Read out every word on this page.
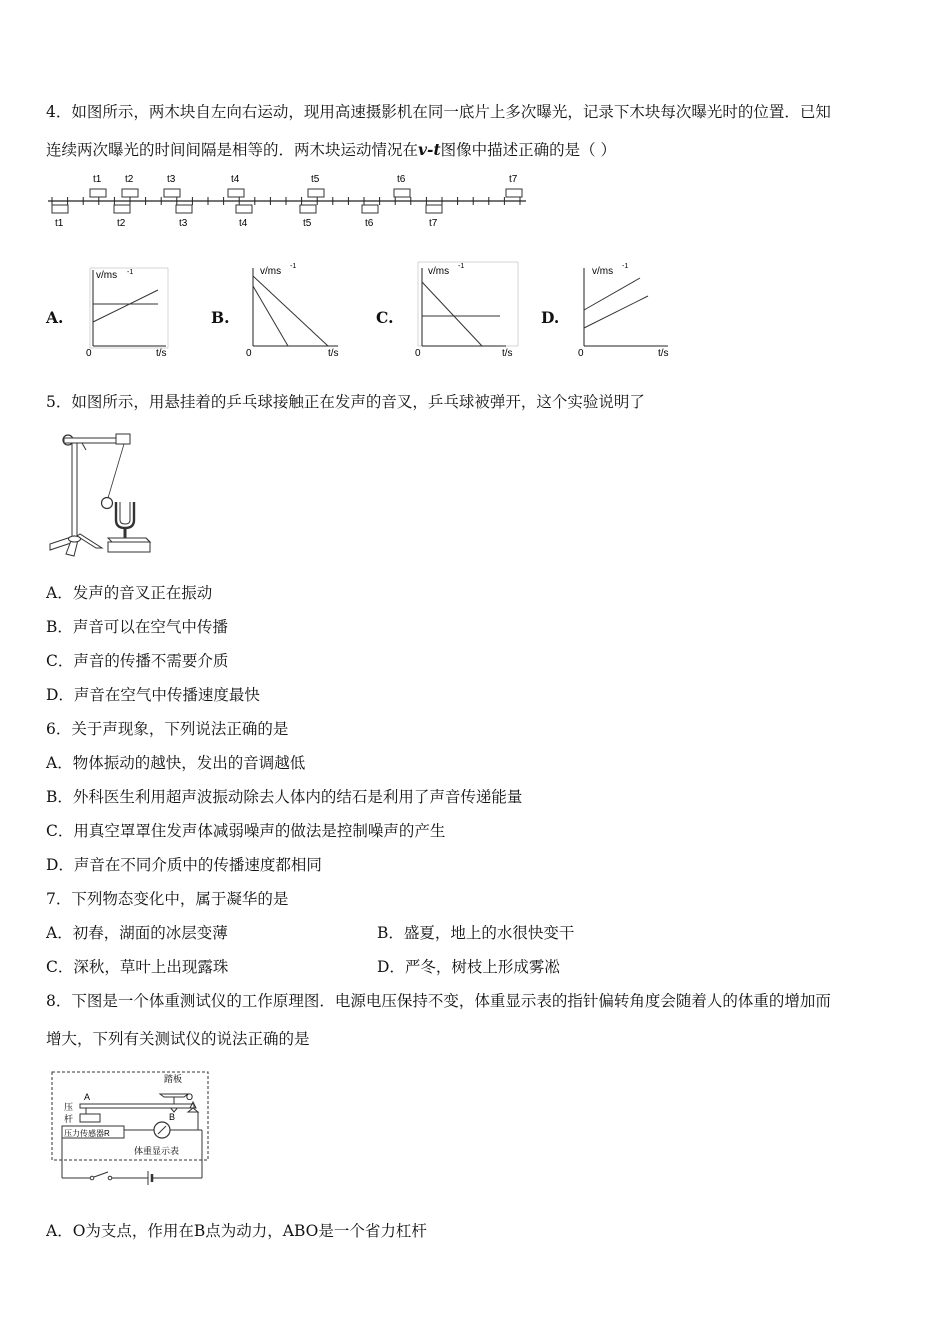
4．如图所示，两木块自左向右运动，现用高速摄影机在同一底片上多次曝光，记录下木块每次曝光时的位置．已知
连续两次曝光的时间间隔是相等的．两木块运动情况在v-t图像中描述正确的是（ ）
t1 t2	t3	t4	t5	t6	t7
t1	t2	t3	t4	t5	t6	t7
A.	B.	C.	D.
v/ms -1
0	t/s
v/ms -1
0	t/s
v/ms -1
0	t/s
v/ms -1
0	t/s
5．如图所示，用悬挂着的乒乓球接触正在发声的音叉，乒乓球被弹开，这个实验说明了
A．发声的音叉正在振动
B．声音可以在空气中传播
C．声音的传播不需要介质
D．声音在空气中传播速度最快
6．关于声现象，下列说法正确的是
A．物体振动的越快，发出的音调越低
B．外科医生利用超声波振动除去人体内的结石是利用了声音传递能量
C．用真空罩罩住发声体减弱噪声的做法是控制噪声的产生
D．声音在不同介质中的传播速度都相同
7．下列物态变化中，属于凝华的是
A．初春，湖面的冰层变薄	B．盛夏，地上的水很快变干
C．深秋，草叶上出现露珠	D．严冬，树枝上形成雾凇
8．下图是一个体重测试仪的工作原理图．电源电压保持不变，体重显示表的指针偏转角度会随着人的体重的增加而
增大，下列有关测试仪的说法正确的是
踏板
A
B
O
压
杆
压力传感器R
体重显示表
A．O为支点，作用在B点为动力，ABO是一个省力杠杆
